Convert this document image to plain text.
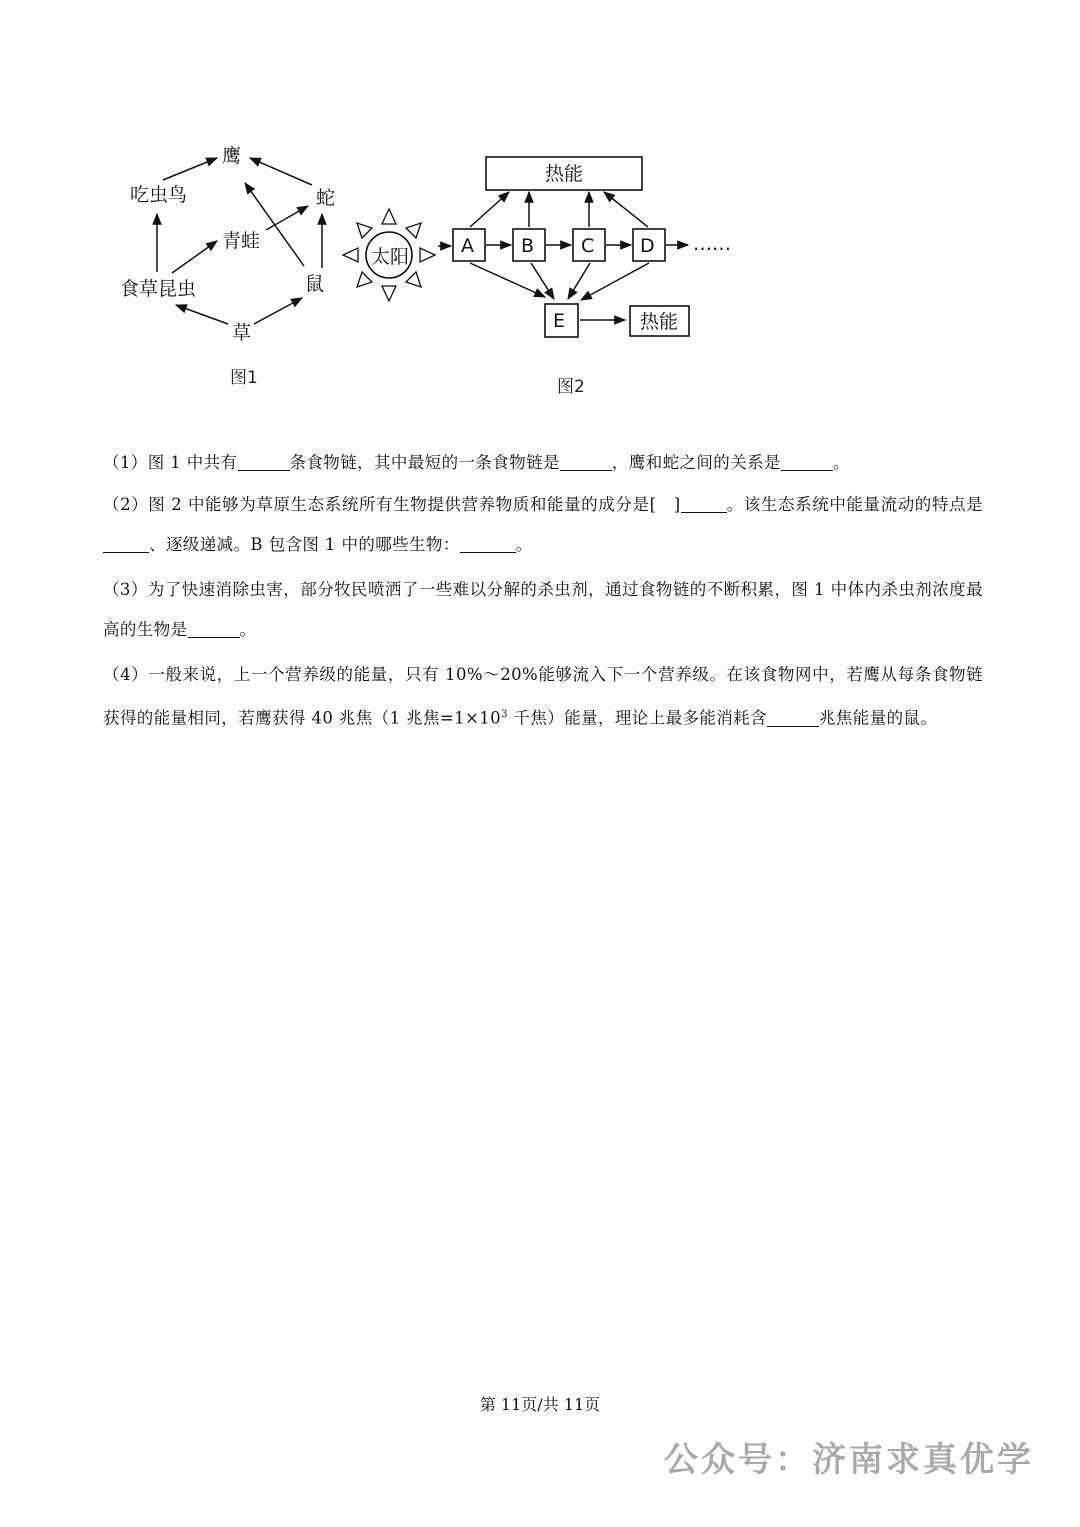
鹰
吃虫鸟	蛇
青蛙
食草昆虫	鼠
草
图1
太阳
热能
A B C D
E	热能
……
图2
（1）图 1 中共有	条食物链，其中最短的一条食物链是	，鹰和蛇之间的关系是	。
（2）图 2 中能够为草原生态系统所有生物提供营养物质和能量的成分是[　]	。该生态系统中能量流动的特点是、逐级递减。B 包含图 1 中的哪些生物：	。
（3）为了快速消除虫害，部分牧民喷洒了一些难以分解的杀虫剂，通过食物链的不断积累，图 1 中体内杀虫剂浓度最高的生物是	。
（4）一般来说，上一个营养级的能量，只有 10%～20%能够流入下一个营养级。在该食物网中，若鹰从每条食物链获得的能量相同，若鹰获得 40 兆焦（1 兆焦$=1\times 10^3$ 千焦）能量，理论上最多能消耗含	兆焦能量的鼠。
第 11页/共 11页
公众号：济南求真优学
